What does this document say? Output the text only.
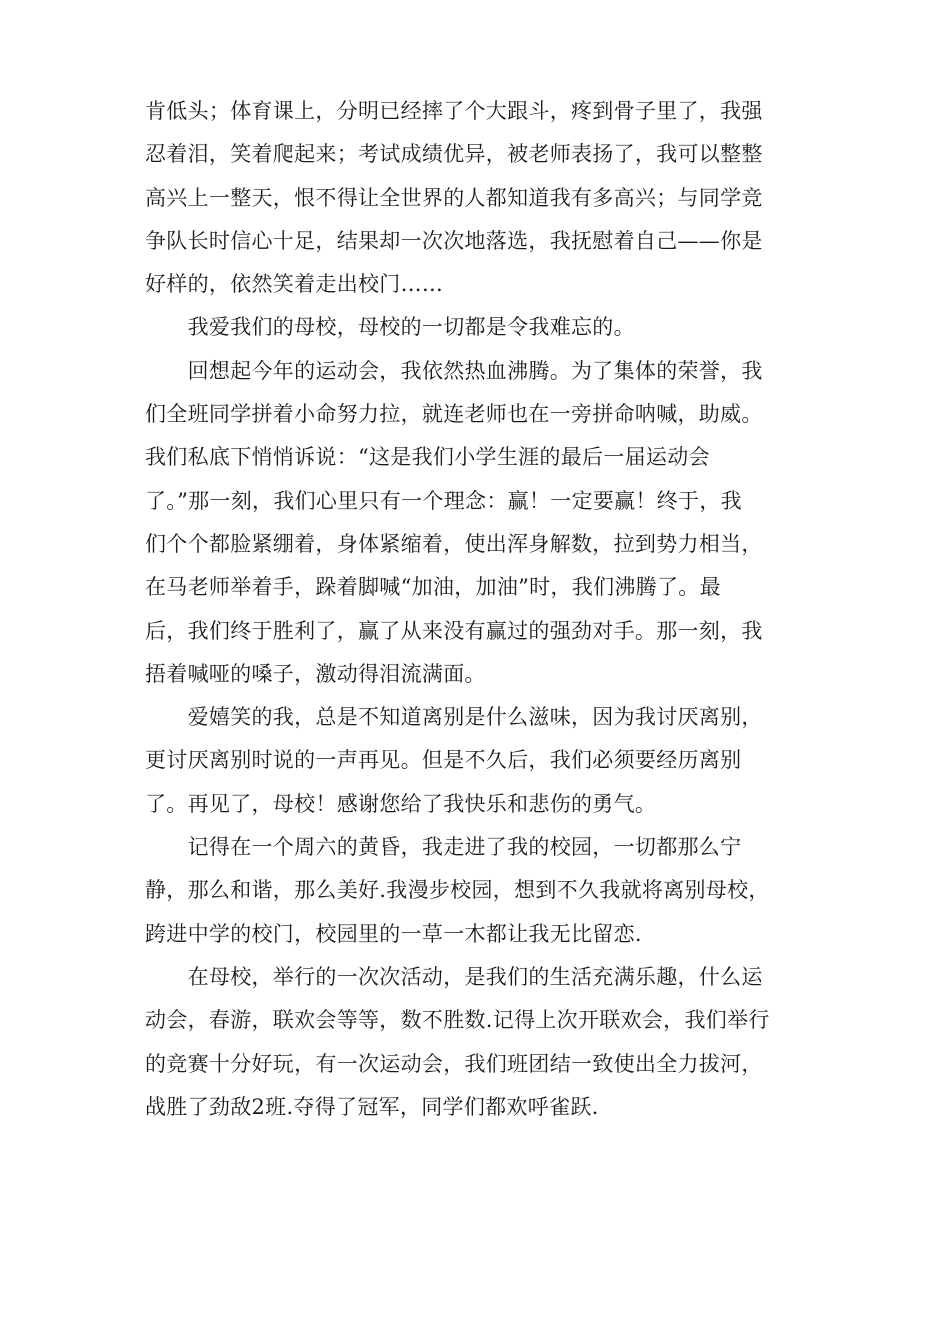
肯低头；体育课上，分明已经摔了个大跟斗，疼到骨子里了，我强
忍着泪，笑着爬起来；考试成绩优异，被老师表扬了，我可以整整
高兴上一整天，恨不得让全世界的人都知道我有多高兴；与同学竞
争队长时信心十足，结果却一次次地落选，我抚慰着自己——你是
好样的，依然笑着走出校门……
　　我爱我们的母校，母校的一切都是令我难忘的。
　　回想起今年的运动会，我依然热血沸腾。为了集体的荣誉，我
们全班同学拼着小命努力拉，就连老师也在一旁拼命呐喊，助威。
我们私底下悄悄诉说：“这是我们小学生涯的最后一届运动会
了。”那一刻，我们心里只有一个理念：赢！一定要赢！终于，我
们个个都脸紧绷着，身体紧缩着，使出浑身解数，拉到势力相当，
在马老师举着手，跺着脚喊“加油，加油”时，我们沸腾了。最
后，我们终于胜利了，赢了从来没有赢过的强劲对手。那一刻，我
捂着喊哑的嗓子，激动得泪流满面。
　　爱嬉笑的我，总是不知道离别是什么滋味，因为我讨厌离别，
更讨厌离别时说的一声再见。但是不久后，我们必须要经历离别
了。再见了，母校！感谢您给了我快乐和悲伤的勇气。
　　记得在一个周六的黄昏，我走进了我的校园，一切都那么宁
静，那么和谐，那么美好.我漫步校园，想到不久我就将离别母校，
跨进中学的校门，校园里的一草一木都让我无比留恋.
　　在母校，举行的一次次活动，是我们的生活充满乐趣，什么运
动会，春游，联欢会等等，数不胜数.记得上次开联欢会，我们举行
的竞赛十分好玩，有一次运动会，我们班团结一致使出全力拔河，
战胜了劲敌2班.夺得了冠军，同学们都欢呼雀跃.
